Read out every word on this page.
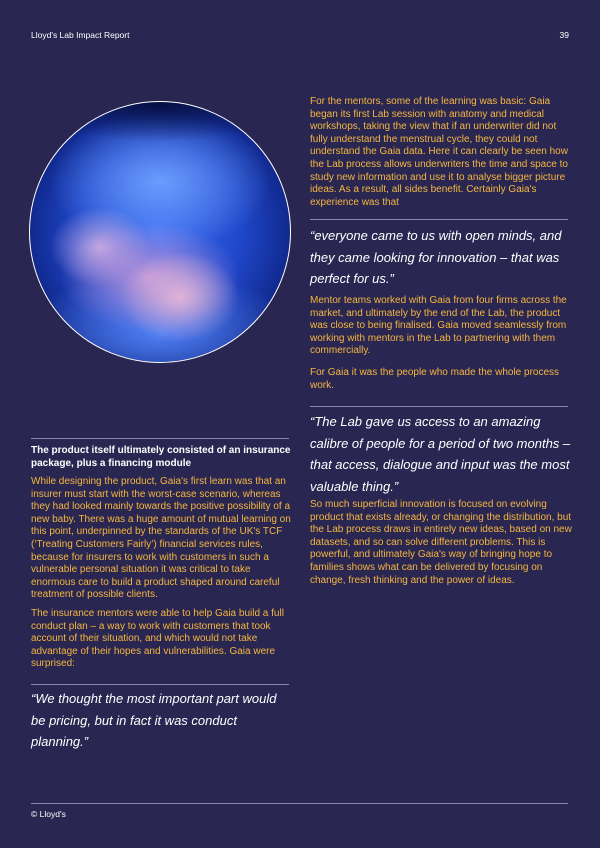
Lloyd's Lab Impact Report	39
For the mentors, some of the learning was basic: Gaia began its first Lab session with anatomy and medical workshops, taking the view that if an underwriter did not fully understand the menstrual cycle, they could not understand the Gaia data. Here it can clearly be seen how the Lab process allows underwriters the time and space to study new information and use it to analyse bigger picture ideas. As a result, all sides benefit. Certainly Gaia's experience was that
“everyone came to us with open minds, and they came looking for innovation – that was perfect for us.”
Mentor teams worked with Gaia from four firms across the market, and ultimately by the end of the Lab, the product was close to being finalised. Gaia moved seamlessly from working with mentors in the Lab to partnering with them commercially.
For Gaia it was the people who made the whole process work.
“The Lab gave us access to an amazing calibre of people for a period of two months – that access, dialogue and input was the most valuable thing.”
So much superficial innovation is focused on evolving product that exists already, or changing the distribution, but the Lab process draws in entirely new ideas, based on new datasets, and so can solve different problems. This is powerful, and ultimately Gaia's way of bringing hope to families shows what can be delivered by focusing on change, fresh thinking and the power of ideas.
The product itself ultimately consisted of an insurance package, plus a financing module
While designing the product, Gaia's first learn was that an insurer must start with the worst-case scenario, whereas they had looked mainly towards the positive possibility of a new baby. There was a huge amount of mutual learning on this point, underpinned by the standards of the UK's TCF (‘Treating Customers Fairly’) financial services rules, because for insurers to work with customers in such a vulnerable personal situation it was critical to take enormous care to build a product shaped around careful treatment of possible clients.
The insurance mentors were able to help Gaia build a full conduct plan – a way to work with customers that took account of their situation, and which would not take advantage of their hopes and vulnerabilities. Gaia were surprised:
“We thought the most important part would be pricing, but in fact it was conduct planning.”
© Lloyd's
